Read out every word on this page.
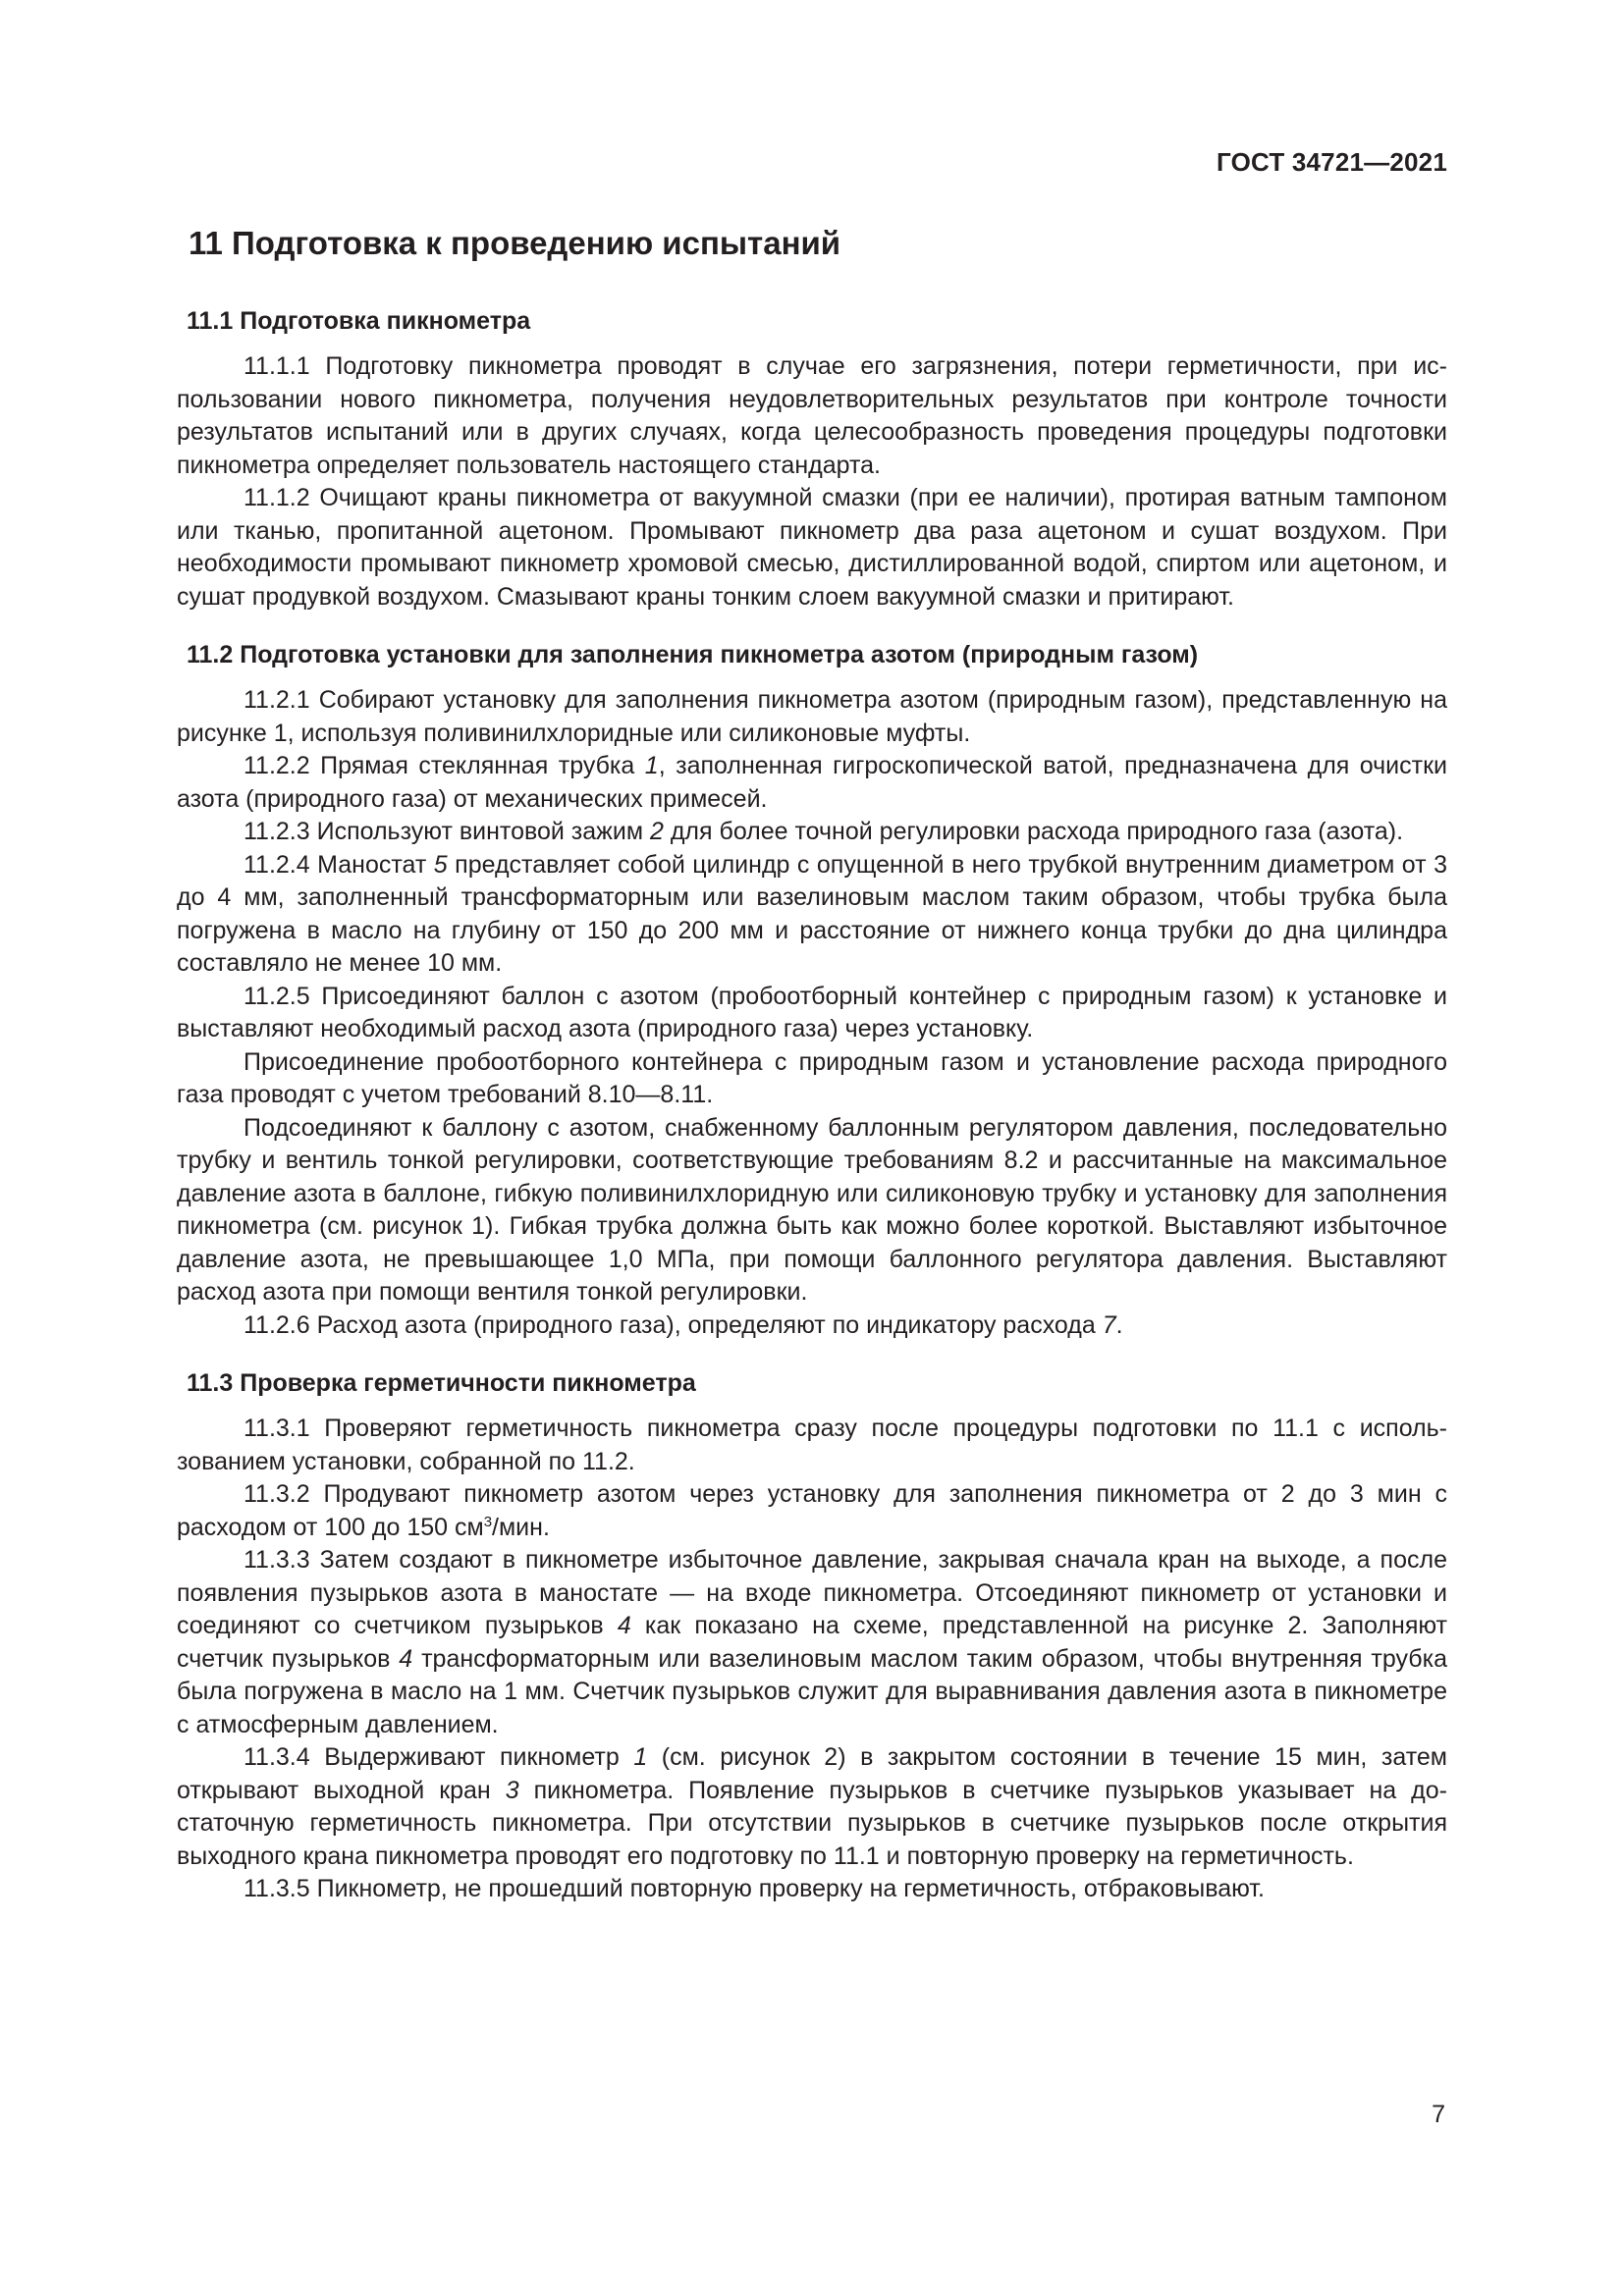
ГОСТ 34721—2021
11 Подготовка к проведению испытаний
11.1 Подготовка пикнометра

11.1.1 Подготовку пикнометра проводят в случае его загрязнения, потери герметичности, при использовании нового пикнометра, получения неудовлетворительных результатов при контроле точности результатов испытаний или в других случаях, когда целесообразность проведения процедуры подготовки пикнометра определяет пользователь настоящего стандарта.

11.1.2 Очищают краны пикнометра от вакуумной смазки (при ее наличии), протирая ватным тампоном или тканью, пропитанной ацетоном. Промывают пикнометр два раза ацетоном и сушат воздухом. При необходимости промывают пикнометр хромовой смесью, дистиллированной водой, спиртом или ацетоном, и сушат продувкой воздухом. Смазывают краны тонким слоем вакуумной смазки и притирают.

11.2 Подготовка установки для заполнения пикнометра азотом (природным газом)

11.2.1 Собирают установку для заполнения пикнометра азотом (природным газом), представленную на рисунке 1, используя поливинилхлоридные или силиконовые муфты.

11.2.2 Прямая стеклянная трубка 1, заполненная гигроскопической ватой, предназначена для очистки азота (природного газа) от механических примесей.

11.2.3 Используют винтовой зажим 2 для более точной регулировки расхода природного газа (азота).

11.2.4 Маностат 5 представляет собой цилиндр с опущенной в него трубкой внутренним диаметром от 3 до 4 мм, заполненный трансформаторным или вазелиновым маслом таким образом, чтобы трубка была погружена в масло на глубину от 150 до 200 мм и расстояние от нижнего конца трубки до дна цилиндра составляло не менее 10 мм.

11.2.5 Присоединяют баллон с азотом (пробоотборный контейнер с природным газом) к установке и выставляют необходимый расход азота (природного газа) через установку.

Присоединение пробоотборного контейнера с природным газом и установление расхода природного газа проводят с учетом требований 8.10—8.11.

Подсоединяют к баллону с азотом, снабженному баллонным регулятором давления, последовательно трубку и вентиль тонкой регулировки, соответствующие требованиям 8.2 и рассчитанные на максимальное давление азота в баллоне, гибкую поливинилхлоридную или силиконовую трубку и установку для заполнения пикнометра (см. рисунок 1). Гибкая трубка должна быть как можно более короткой. Выставляют избыточное давление азота, не превышающее 1,0 МПа, при помощи баллонного регулятора давления. Выставляют расход азота при помощи вентиля тонкой регулировки.

11.2.6 Расход азота (природного газа), определяют по индикатору расхода 7.

11.3 Проверка герметичности пикнометра

11.3.1 Проверяют герметичность пикнометра сразу после процедуры подготовки по 11.1 с использованием установки, собранной по 11.2.

11.3.2 Продувают пикнометр азотом через установку для заполнения пикнометра от 2 до 3 мин с расходом от 100 до 150 $см^3$/мин.

11.3.3 Затем создают в пикнометре избыточное давление, закрывая сначала кран на выходе, а после появления пузырьков азота в маностате — на входе пикнометра. Отсоединяют пикнометр от установки и соединяют со счетчиком пузырьков 4 как показано на схеме, представленной на рисунке 2. Заполняют счетчик пузырьков 4 трансформаторным или вазелиновым маслом таким образом, чтобы внутренняя трубка была погружена в масло на 1 мм. Счетчик пузырьков служит для выравнивания давления азота в пикнометре с атмосферным давлением.

11.3.4 Выдерживают пикнометр 1 (см. рисунок 2) в закрытом состоянии в течение 15 мин, затем открывают выходной кран 3 пикнометра. Появление пузырьков в счетчике пузырьков указывает на достаточную герметичность пикнометра. При отсутствии пузырьков в счетчике пузырьков после открытия выходного крана пикнометра проводят его подготовку по 11.1 и повторную проверку на герметичность.

11.3.5 Пикнометр, не прошедший повторную проверку на герметичность, отбраковывают.

7
